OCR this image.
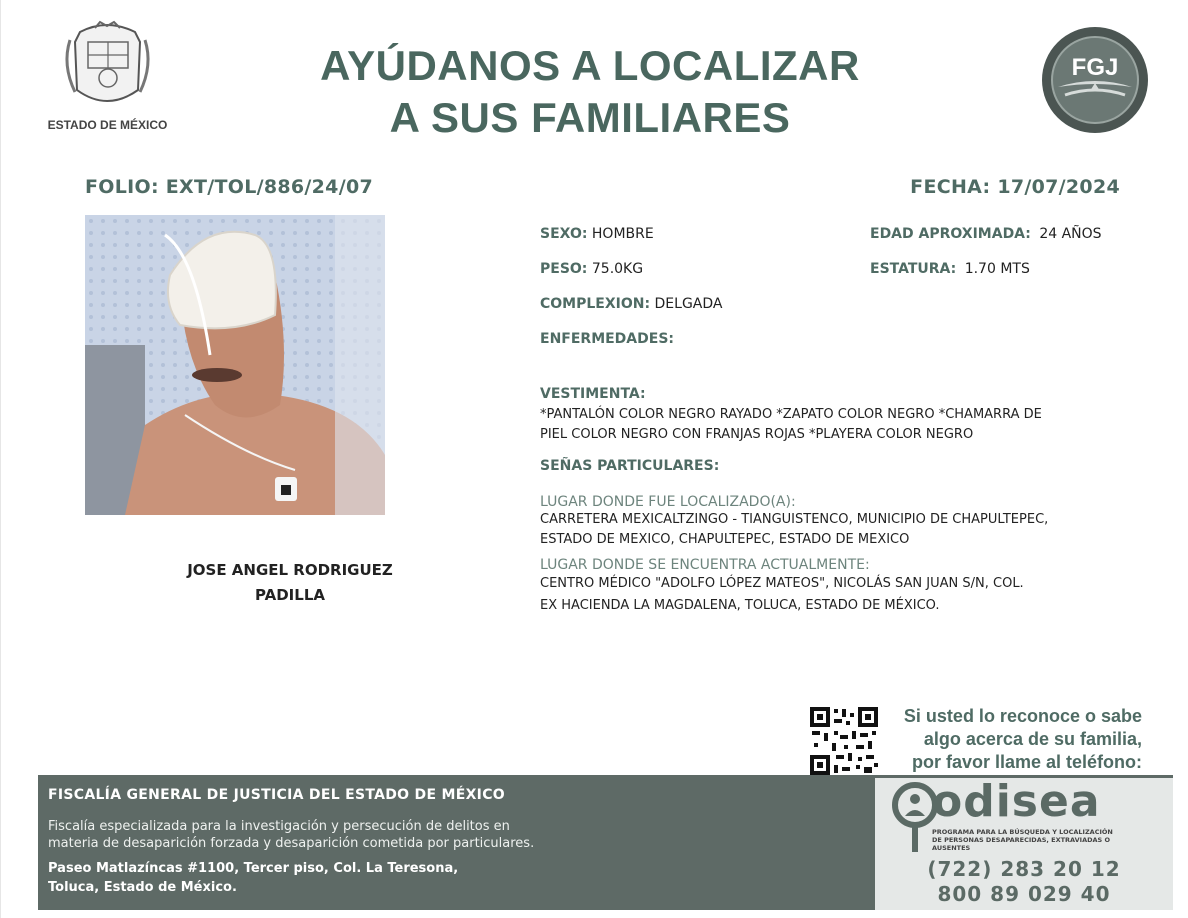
ESTADO DE MÉXICO
AYÚDANOS A LOCALIZAR
A SUS FAMILIARES
FGJ
FOLIO: EXT/TOL/886/24/07	FECHA: 17/07/2024
JOSE ANGEL RODRIGUEZ
PADILLA
SEXO: HOMBRE	EDAD APROXIMADA: 24 AÑOS
PESO: 75.0KG	ESTATURA: 1.70 MTS
COMPLEXION: DELGADA
ENFERMEDADES:
VESTIMENTA:
*PANTALÓN COLOR NEGRO RAYADO *ZAPATO COLOR NEGRO *CHAMARRA DE
PIEL COLOR NEGRO CON FRANJAS ROJAS *PLAYERA COLOR NEGRO
SEÑAS PARTICULARES:
LUGAR DONDE FUE LOCALIZADO(A):
CARRETERA MEXICALTZINGO - TIANGUISTENCO, MUNICIPIO DE CHAPULTEPEC,
ESTADO DE MEXICO, CHAPULTEPEC, ESTADO DE MEXICO
LUGAR DONDE SE ENCUENTRA ACTUALMENTE:
CENTRO MÉDICO "ADOLFO LÓPEZ MATEOS", NICOLÁS SAN JUAN S/N, COL.
EX HACIENDA LA MAGDALENA, TOLUCA, ESTADO DE MÉXICO.
Si usted lo reconoce o sabe
algo acerca de su familia,
por favor llame al teléfono:
FISCALÍA GENERAL DE JUSTICIA DEL ESTADO DE MÉXICO
Fiscalía especializada para la investigación y persecución de delitos en
materia de desaparición forzada y desaparición cometida por particulares.
Paseo Matlazíncas #1100, Tercer piso, Col. La Teresona,
Toluca, Estado de México.
odisea
PROGRAMA PARA LA BÚSQUEDA Y LOCALIZACIÓN
DE PERSONAS DESAPARECIDAS, EXTRAVIADAS O
AUSENTES
(722) 283 20 12
800 89 029 40
